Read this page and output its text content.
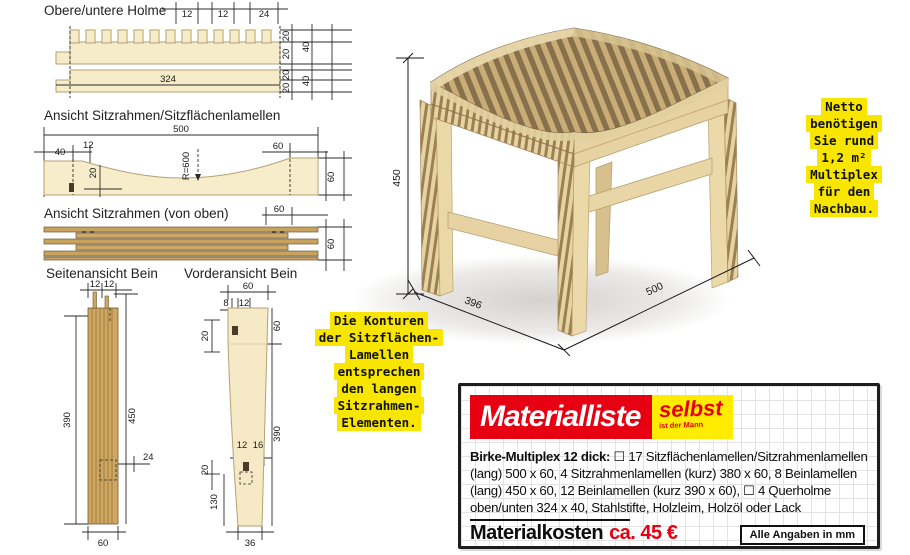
Obere/untere Holme 12	12	24
324
20
20
40
20
20
40
Ansicht Sitzrahmen/Sitzflächenlamellen
40
12
500
20	R=600
60
60
Ansicht Sitzrahmen (von oben)	60
60
Seitenansicht Bein Vorderansicht Bein
12 12
390	450
24
60
60
8 12
60
20
390
12 16
20
130
36
450
396
500
Netto
benötigen
Sie rund
1,2 m²
Multiplex
für den
Nachbau.
Die Konturen
der Sitzflächen-
Lamellen
entsprechen
den langen
Sitzrahmen-
Elementen.	Materialliste selbst
ist der Mann
Birke-Multiplex 12 dick: ☐ 17 Sitzflächenlamellen/Sitzrahmenlamellen (lang) 500 x 60, 4 Sitzrahmenlamellen (kurz) 380 x 60, 8 Beinlamellen (lang) 450 x 60, 12 Beinlamellen (kurz 390 x 60), ☐ 4 Querholme oben/unten 324 x 40, Stahlstifte, Holzleim, Holzöl oder Lack
Materialkosten ca. 45 €	Alle Angaben in mm
